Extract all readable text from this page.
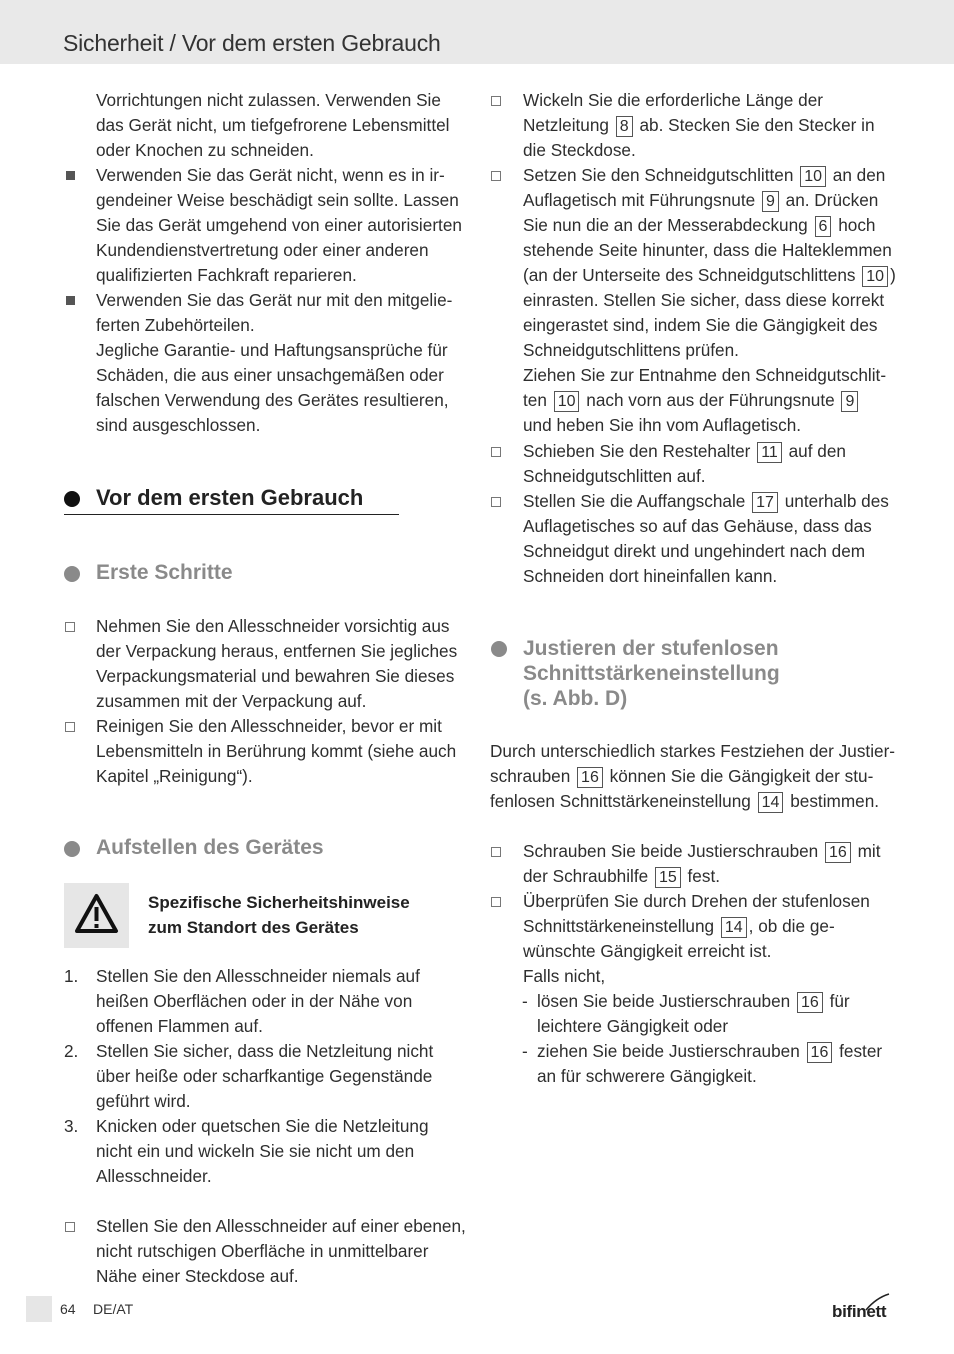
Sicherheit / Vor dem ersten Gebrauch
Vorrichtungen nicht zulassen. Verwenden Sie
das Gerät nicht, um tiefgefrorene Lebensmittel
oder Knochen zu schneiden.
Verwenden Sie das Gerät nicht, wenn es in ir-
gendeiner Weise beschädigt sein sollte. Lassen
Sie das Gerät umgehend von einer autorisierten
Kundendienstvertretung oder einer anderen
qualifizierten Fachkraft reparieren.
Verwenden Sie das Gerät nur mit den mitgelie-
ferten Zubehörteilen.
Jegliche Garantie- und Haftungsansprüche für
Schäden, die aus einer unsachgemäßen oder
falschen Verwendung des Gerätes resultieren,
sind ausgeschlossen.
Vor dem ersten Gebrauch
Erste Schritte
Nehmen Sie den Allesschneider vorsichtig aus
der Verpackung heraus, entfernen Sie jegliches
Verpackungsmaterial und bewahren Sie dieses
zusammen mit der Verpackung auf.
Reinigen Sie den Allesschneider, bevor er mit
Lebensmitteln in Berührung kommt (siehe auch
Kapitel „Reinigung“).
Aufstellen des Gerätes
Spezifische Sicherheitshinweise
zum Standort des Gerätes
1. Stellen Sie den Allesschneider niemals auf
heißen Oberflächen oder in der Nähe von
offenen Flammen auf.
2. Stellen Sie sicher, dass die Netzleitung nicht
über heiße oder scharfkantige Gegenstände
geführt wird.
3. Knicken oder quetschen Sie die Netzleitung
nicht ein und wickeln Sie sie nicht um den
Allesschneider.
Stellen Sie den Allesschneider auf einer ebenen,
nicht rutschigen Oberfläche in unmittelbarer
Nähe einer Steckdose auf.
Wickeln Sie die erforderliche Länge der
Netzleitung 8 ab. Stecken Sie den Stecker in
die Steckdose.
Setzen Sie den Schneidgutschlitten 10 an den
Auflagetisch mit Führungsnute 9 an. Drücken
Sie nun die an der Messerabdeckung 6 hoch
stehende Seite hinunter, dass die Halteklemmen
(an der Unterseite des Schneidgutschlittens 10 )
einrasten. Stellen Sie sicher, dass diese korrekt
eingerastet sind, indem Sie die Gängigkeit des
Schneidgutschlittens prüfen.
Ziehen Sie zur Entnahme den Schneidgutschlit-
ten 10 nach vorn aus der Führungsnute 9
und heben Sie ihn vom Auflagetisch.
Schieben Sie den Restehalter 11 auf den
Schneidgutschlitten auf.
Stellen Sie die Auffangschale 17 unterhalb des
Auflagetisches so auf das Gehäuse, dass das
Schneidgut direkt und ungehindert nach dem
Schneiden dort hineinfallen kann.
Justieren der stufenlosen
Schnittstärkeneinstellung
(s. Abb. D)
Durch unterschiedlich starkes Festziehen der Justier-
schrauben 16 können Sie die Gängigkeit der stu-
fenlosen Schnittstärkeneinstellung 14 bestimmen.
Schrauben Sie beide Justierschrauben 16 mit
der Schraubhilfe 15 fest.
Überprüfen Sie durch Drehen der stufenlosen
Schnittstärkeneinstellung 14 , ob die ge-
wünschte Gängigkeit erreicht ist.
Falls nicht,
- lösen Sie beide Justierschrauben 16 für
leichtere Gängigkeit oder
- ziehen Sie beide Justierschrauben 16 fester
an für schwerere Gängigkeit.
64 DE/AT	bifinett
